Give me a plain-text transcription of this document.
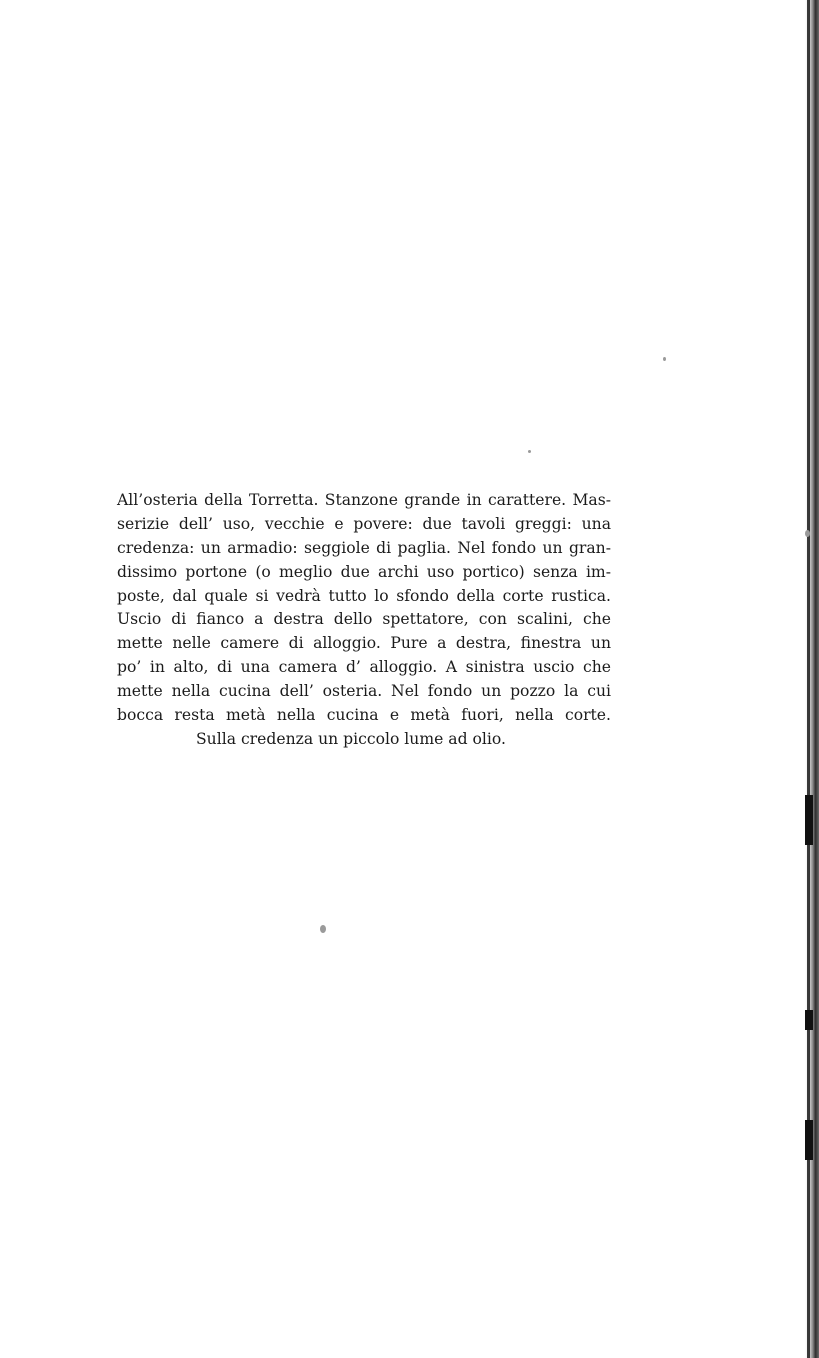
All’osteria della Torretta. Stanzone grande in carattere. Mas-
serizie dell’ uso, vecchie e povere: due tavoli greggi: una
credenza: un armadio: seggiole di paglia. Nel fondo un gran-
dissimo portone (o meglio due archi uso portico) senza im-
poste, dal quale si vedrà tutto lo sfondo della corte rustica.
Uscio di fianco a destra dello spettatore, con scalini, che
mette nelle camere di alloggio. Pure a destra, finestra un
po’ in alto, di una camera d’ alloggio. A sinistra uscio che
mette nella cucina dell’ osteria. Nel fondo un pozzo la cui
bocca resta metà nella cucina e metà fuori, nella corte.
Sulla credenza un piccolo lume ad olio.
